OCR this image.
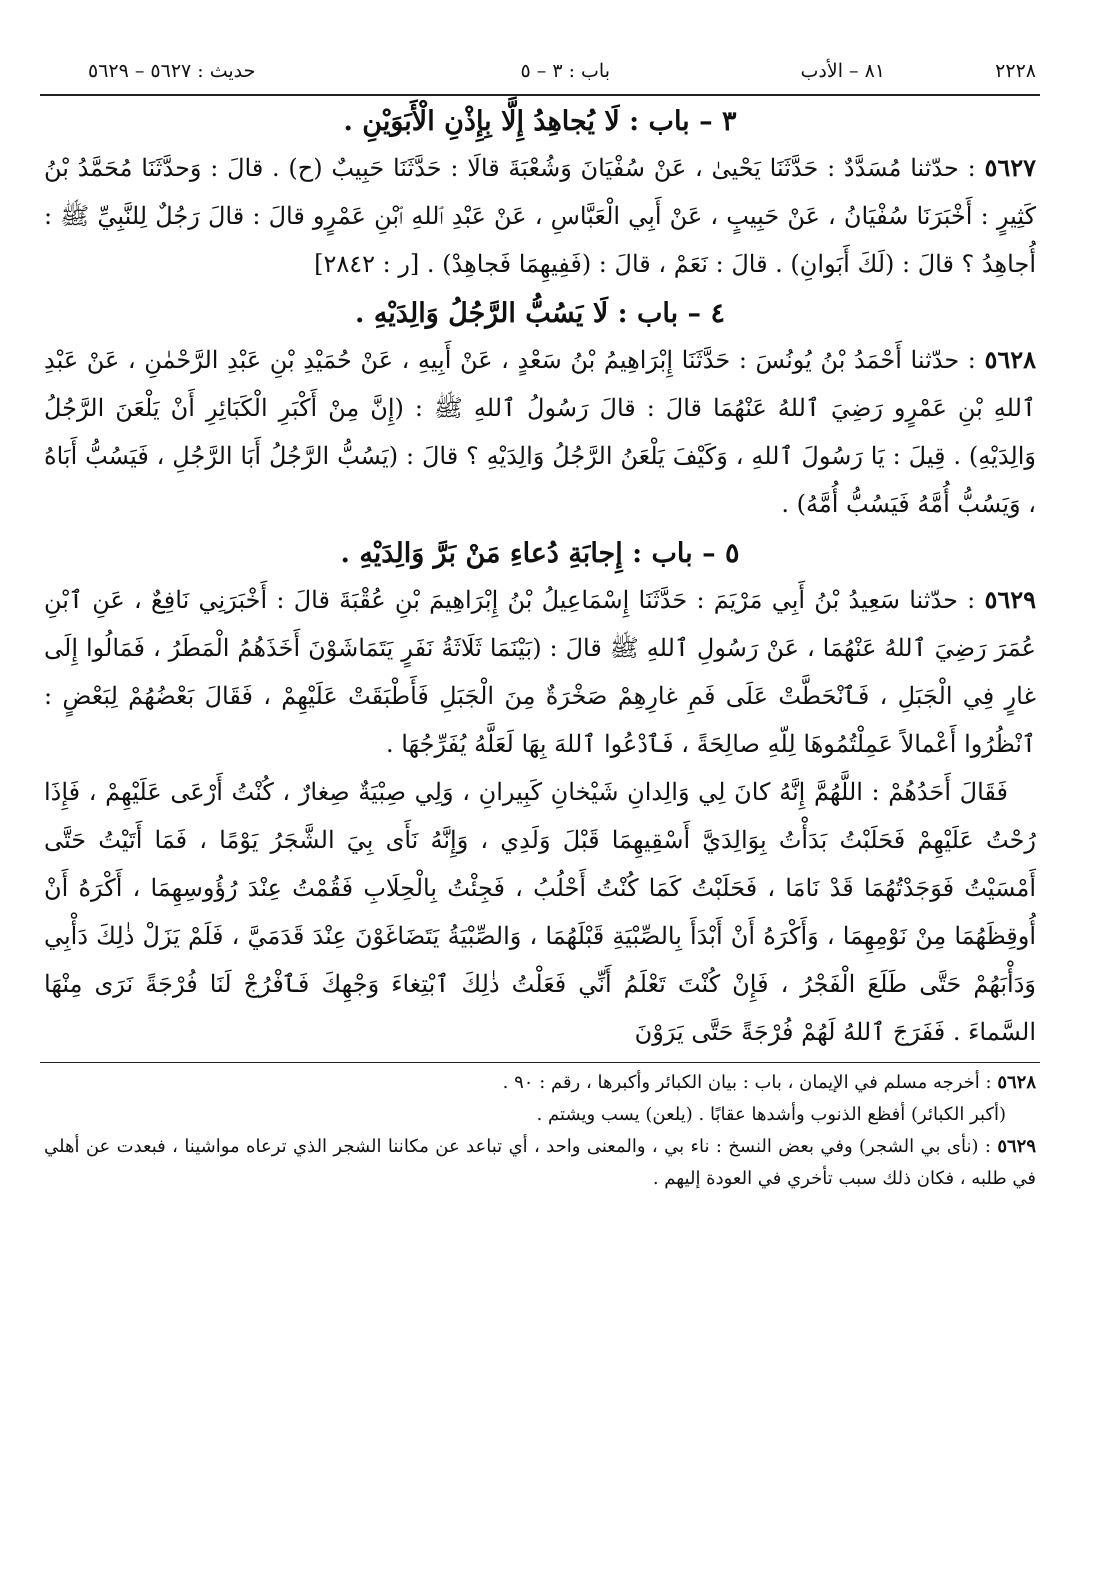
٢٢٢٨
٨١ – الأدب
باب : ٣ – ٥
حديث : ٥٦٢٧ – ٥٦٢٩
٣ – باب : لَا يُجاهِدُ إِلَّا بِإِذْنِ الْأَبَوَيْنِ .

٥٦٢٧ : حدّثنا مُسَدَّدٌ : حَدَّثَنَا يَحْيىٰ ، عَنْ سُفْيَانَ وَشُعْبَةَ قالَا : حَدَّثَنَا حَبِيبٌ (ح) . قالَ : وَحدَّثَنَا مُحَمَّدُ بْنُ كَثِيرٍ : أَخْبَرَنَا سُفْيَانُ ، عَنْ حَبِيبٍ ، عَنْ أَبِي الْعَبَّاسِ ، عَنْ عَبْدِ ٱللهِ ٱبْنِ عَمْرٍو قالَ : قالَ رَجُلٌ لِلنَّبِيِّ ﷺ : أُجاهِدُ ؟ قالَ : (لَكَ أَبَوانِ) . قالَ : نَعَمْ ، قالَ : (فَفِيهِمَا فَجاهِدْ) . [ر : ٢٨٤٢]

٤ – باب : لَا يَسُبُّ الرَّجُلُ وَالِدَيْهِ .

٥٦٢٨ : حدّثنا أَحْمَدُ بْنُ يُونُسَ : حَدَّثَنَا إِبْرَاهِيمُ بْنُ سَعْدٍ ، عَنْ أَبِيهِ ، عَنْ حُمَيْدِ بْنِ عَبْدِ الرَّحْمٰنِ ، عَنْ عَبْدِ ٱللهِ بْنِ عَمْرٍو رَضِيَ ٱللهُ عَنْهُمَا قالَ : قالَ رَسُولُ ٱللهِ ﷺ : (إِنَّ مِنْ أَكْبَرِ الْكَبَائِرِ أَنْ يَلْعَنَ الرَّجُلُ وَالِدَيْهِ) . قِيلَ : يَا رَسُولَ ٱللهِ ، وَكَيْفَ يَلْعَنُ الرَّجُلُ وَالِدَيْهِ ؟ قالَ : (يَسُبُّ الرَّجُلُ أَبَا الرَّجُلِ ، فَيَسُبُّ أَبَاهُ ، وَيَسُبُّ أُمَّهُ فَيَسُبُّ أُمَّهُ) .

٥ – باب : إِجابَةِ دُعاءِ مَنْ بَرَّ وَالِدَيْهِ .

٥٦٢٩ : حدّثنا سَعِيدُ بْنُ أَبِي مَرْيَمَ : حَدَّثَنَا إِسْمَاعِيلُ بْنُ إِبْرَاهِيمَ بْنِ عُقْبَةَ قالَ : أَخْبَرَنِي نَافِعٌ ، عَنِ ٱبْنِ عُمَرَ رَضِيَ ٱللهُ عَنْهُمَا ، عَنْ رَسُولِ ٱللهِ ﷺ قالَ : (بَيْنَمَا ثَلَاثَةُ نَفَرٍ يَتَمَاشَوْنَ أَخَذَهُمُ الْمَطَرُ ، فَمَالُوا إِلَى غارٍ فِي الْجَبَلِ ، فَٱنْحَطَّتْ عَلَى فَمِ غارِهِمْ صَخْرَةٌ مِنَ الْجَبَلِ فَأَطْبَقَتْ عَلَيْهِمْ ، فَقَالَ بَعْضُهُمْ لِبَعْضٍ : ٱنْظُرُوا أَعْمالاً عَمِلْتُمُوهَا لِلّهِ صالِحَةً ، فَٱدْعُوا ٱللهَ بِهَا لَعَلَّهُ يُفَرِّجُهَا .

فَقَالَ أَحَدُهُمْ : اللَّهُمَّ إِنَّهُ كانَ لِي وَالِدانِ شَيْخانِ كَبِيرانِ ، وَلِي صِبْيَةٌ صِغارٌ ، كُنْتُ أَرْعَى عَلَيْهِمْ ، فَإِذَا رُحْتُ عَلَيْهِمْ فَحَلَبْتُ بَدَأْتُ بِوَالِدَيَّ أَسْقِيهِمَا قَبْلَ وَلَدِي ، وَإِنَّهُ نَأَى بِيَ الشَّجَرُ يَوْمًا ، فَمَا أَتَيْتُ حَتَّى أَمْسَيْتُ فَوَجَدْتُهُمَا قَدْ نَامَا ، فَحَلَبْتُ كَمَا كُنْتُ أَحْلُبُ ، فَجِئْتُ بِالْحِلَابِ فَقُمْتُ عِنْدَ رُؤُوسِهِمَا ، أَكْرَهُ أَنْ أُوقِظَهُمَا مِنْ نَوْمِهِمَا ، وَأَكْرَهُ أَنْ أَبْدَأَ بِالصِّبْيَةِ قَبْلَهُمَا ، وَالصِّبْيَةُ يَتَضَاغَوْنَ عِنْدَ قَدَمَيَّ ، فَلَمْ يَزَلْ ذٰلِكَ دَأْبِي وَدَأْبَهُمْ حَتَّى طَلَعَ الْفَجْرُ ، فَإِنْ كُنْتَ تَعْلَمُ أَنِّي فَعَلْتُ ذٰلِكَ ٱبْتِغاءَ وَجْهِكَ فَٱفْرُجْ لَنَا فُرْجَةً نَرَى مِنْهَا السَّماءَ . فَفَرَجَ ٱللهُ لَهُمْ فُرْجَةً حَتَّى يَرَوْنَ

٥٦٢٨ : أخرجه مسلم في الإيمان ، باب : بيان الكبائر وأكبرها ، رقم : ٩٠ .

(أكبر الكبائر) أفظع الذنوب وأشدها عقابًا . (يلعن) يسب ويشتم .

٥٦٢٩ : (نأى بي الشجر) وفي بعض النسخ : ناء بي ، والمعنى واحد ، أي تباعد عن مكاننا الشجر الذي ترعاه مواشينا ، فبعدت عن أهلي في طلبه ، فكان ذلك سبب تأخري في العودة إليهم .
